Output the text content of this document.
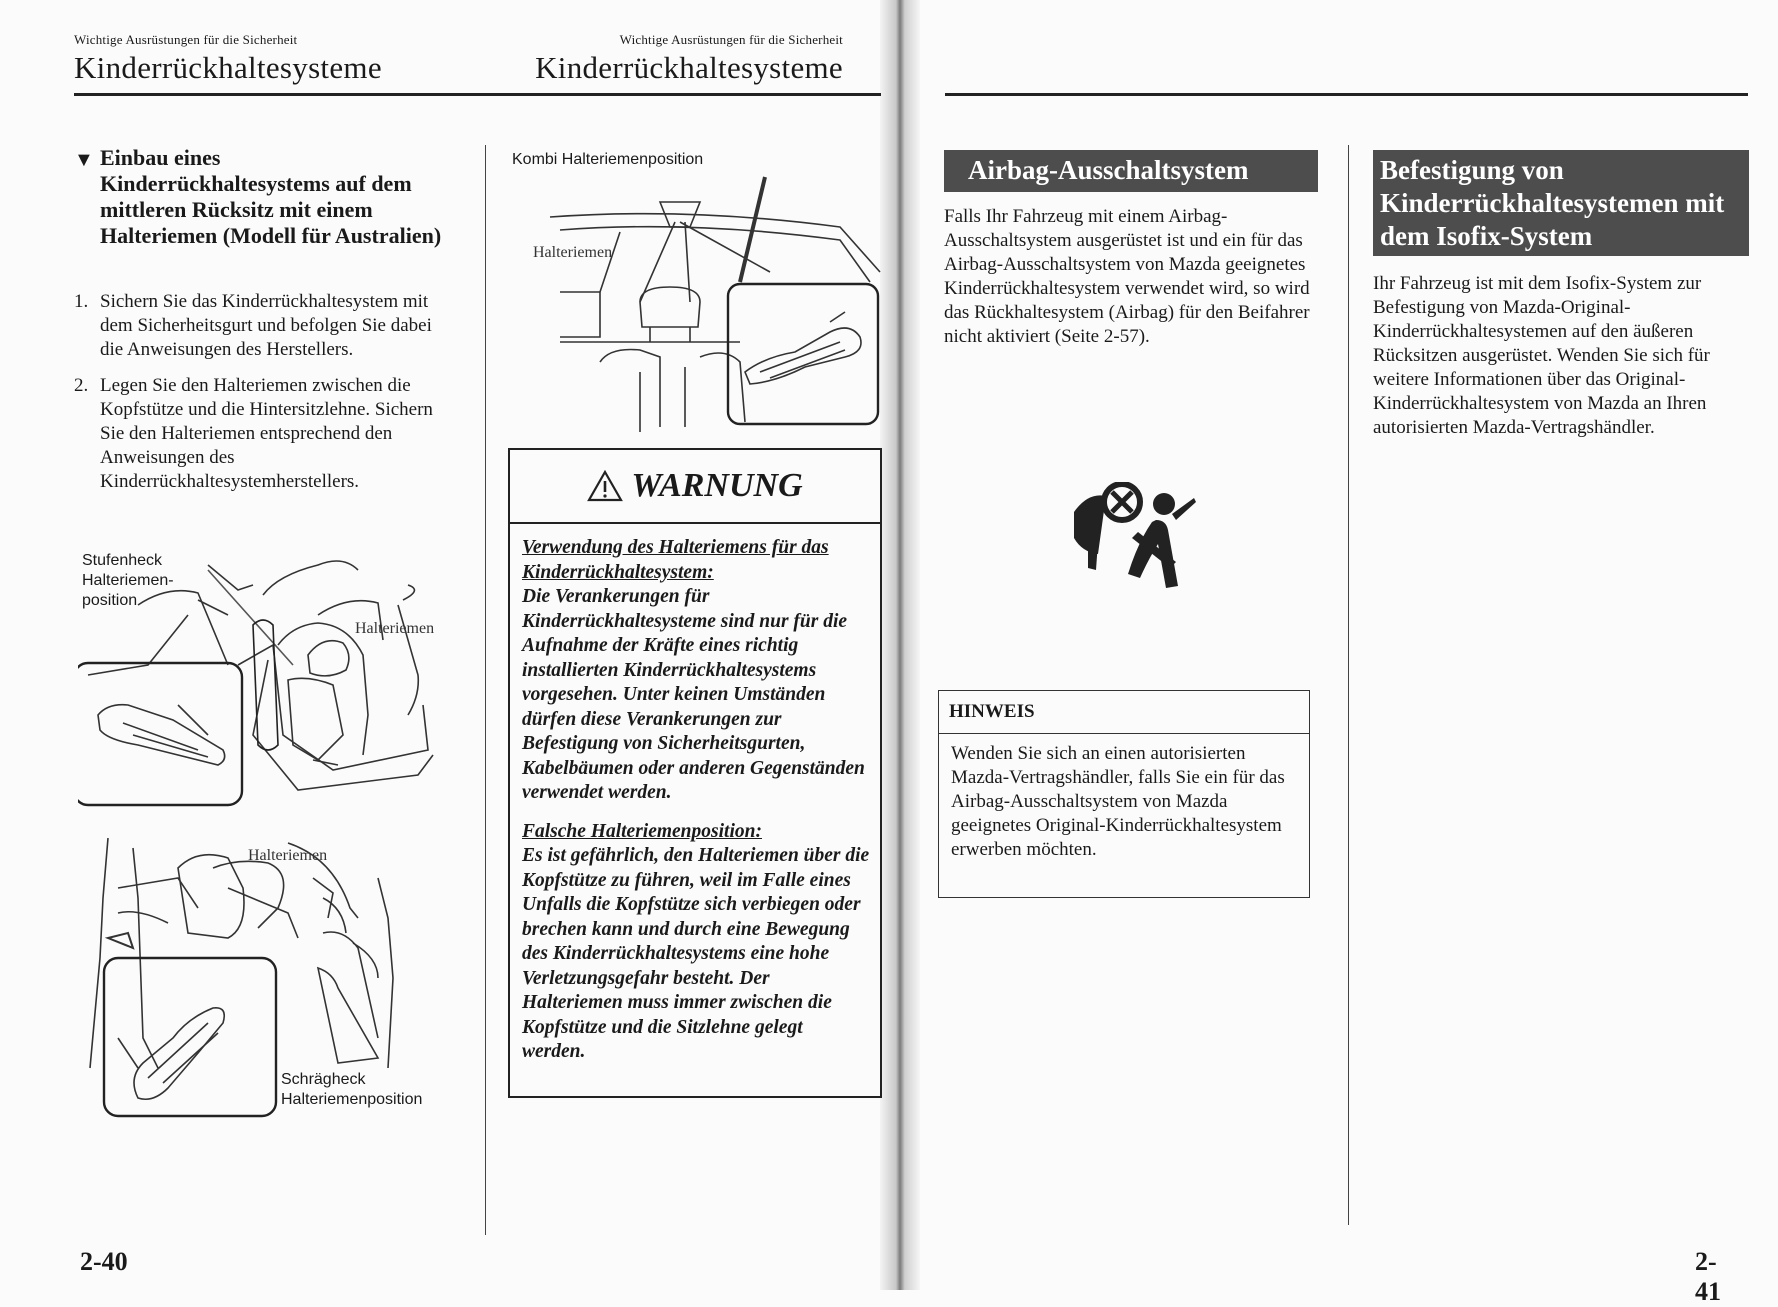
Wichtige Ausrüstungen für die Sicherheit
Kinderrückhaltesysteme
▼ Einbau eines Kinderrückhaltesystems auf dem mittleren Rücksitz mit einem Halteriemen (Modell für Australien)
1. Sichern Sie das Kinderrückhaltesystem mit dem Sicherheitsgurt und befolgen Sie dabei die Anweisungen des Herstellers.
2. Legen Sie den Halteriemen zwischen die Kopfstütze und die Hintersitzlehne. Sichern Sie den Halteriemen entsprechend den Anweisungen des Kinderrückhaltesystemherstellers.
Stufenheck Halteriemen-position
Halteriemen
Halteriemen
Schrägheck Halteriemenposition
Kombi Halteriemenposition
Halteriemen
WARNUNG

Verwendung des Halteriemens für das Kinderrückhaltesystem:
Die Verankerungen für Kinderrückhaltesysteme sind nur für die Aufnahme der Kräfte eines richtig installierten Kinderrückhaltesystems vorgesehen. Unter keinen Umständen dürfen diese Verankerungen zur Befestigung von Sicherheitsgurten, Kabelbäumen oder anderen Gegenständen verwendet werden.

Falsche Halteriemenposition:
Es ist gefährlich, den Halteriemen über die Kopfstütze zu führen, weil im Falle eines Unfalls die Kopfstütze sich verbiegen oder brechen kann und durch eine Bewegung des Kinderrückhaltesystems eine hohe Verletzungsgefahr besteht. Der Halteriemen muss immer zwischen die Kopfstütze und die Sitzlehne gelegt werden.

2-40
Wichtige Ausrüstungen für die Sicherheit
Kinderrückhaltesysteme
Airbag-Ausschaltsystem
Falls Ihr Fahrzeug mit einem Airbag-Ausschaltsystem ausgerüstet ist und ein für das Airbag-Ausschaltsystem von Mazda geeignetes Kinderrückhaltesystem verwendet wird, so wird das Rückhaltesystem (Airbag) für den Beifahrer nicht aktiviert (Seite 2-57).
HINWEIS
Wenden Sie sich an einen autorisierten Mazda-Vertragshändler, falls Sie ein für das Airbag-Ausschaltsystem von Mazda geeignetes Original-Kinderrückhaltesystem erwerben möchten.
Befestigung von Kinderrückhaltesystemen mit dem Isofix-System
Ihr Fahrzeug ist mit dem Isofix-System zur Befestigung von Mazda-Original-Kinderrückhaltesystemen auf den äußeren Rücksitzen ausgerüstet. Wenden Sie sich für weitere Informationen über das Original-Kinderrückhaltesystem von Mazda an Ihren autorisierten Mazda-Vertragshändler.
2-41
